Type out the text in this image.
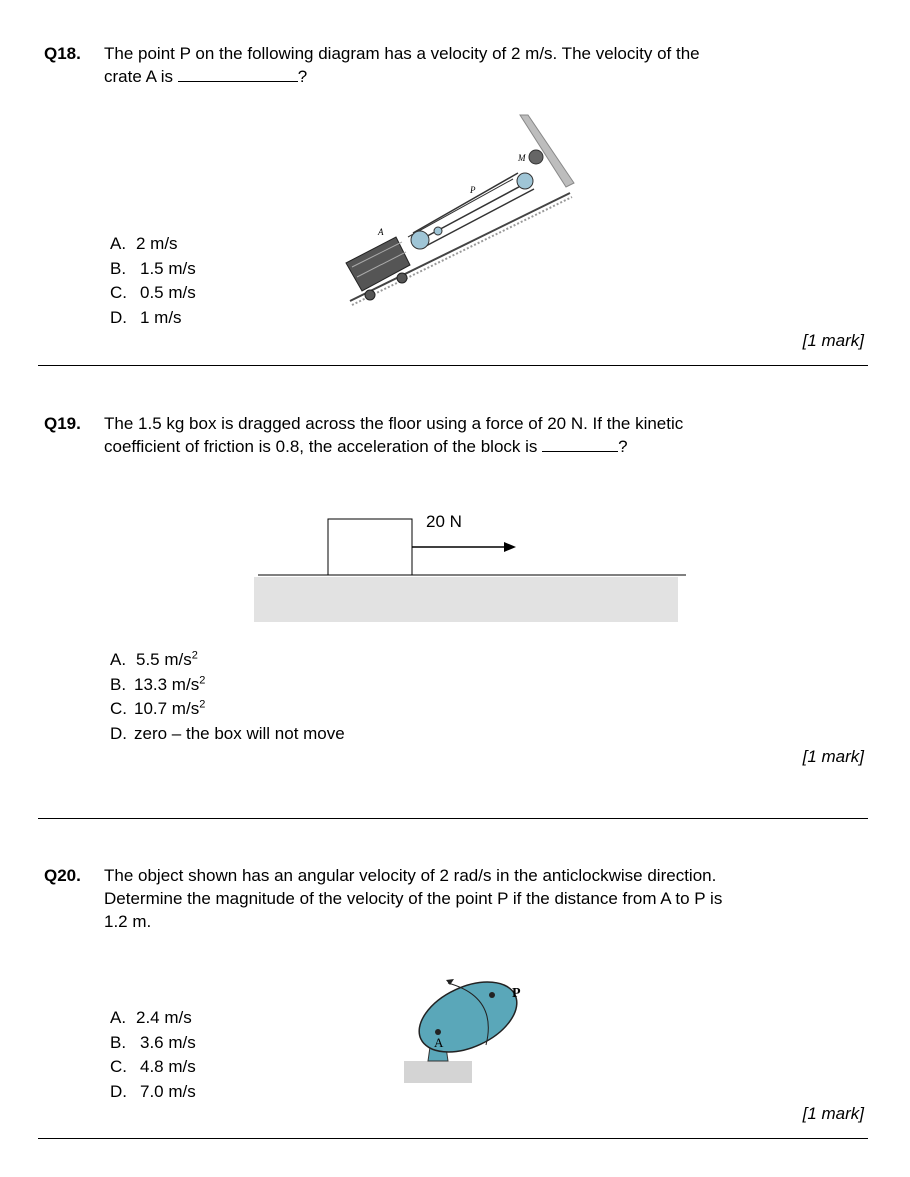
Q18. The point P on the following diagram has a velocity of 2 m/s. The velocity of the
crate A is	?
M
P
A
A. 2 m/s
B. 1.5 m/s
C. 0.5 m/s
D. 1 m/s
[1 mark]
Q19. The 1.5 kg box is dragged across the floor using a force of 20 N. If the kinetic
coefficient of friction is 0.8, the acceleration of the block is	?
20 N
A. 5.5 $m/s^2$
B. 13.3 $m/s^2$
C. 10.7 $m/s^2$
D. zero – the box will not move
[1 mark]
Q20. The object shown has an angular velocity of 2 rad/s in the anticlockwise direction.
Determine the magnitude of the velocity of the point P if the distance from A to P is
1.2 m.
A
P
A. 2.4 m/s
B. 3.6 m/s
C. 4.8 m/s
D. 7.0 m/s
[1 mark]
